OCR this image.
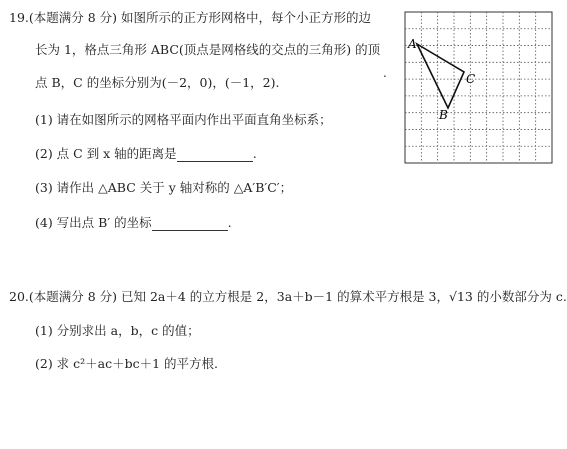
19.(本题满分 8 分) 如图所示的正方形网格中，每个小正方形的边
长为 1，格点三角形 ABC(顶点是网格线的交点的三角形) 的顶
点 B，C 的坐标分别为(－2，0)，(－1，2).
(1) 请在如图所示的网格平面内作出平面直角坐标系；
(2) 点 C 到 x 轴的距离是	.
(3) 请作出 △ABC 关于 y 轴对称的 △A′B′C′；
(4) 写出点 B′ 的坐标	.
.
A
B
C
20.(本题满分 8 分) 已知 2a＋4 的立方根是 2，3a＋b－1 的算术平方根是 3，√13 的小数部分为 c.
(1) 分别求出 a，b，c 的值；
(2) 求 c²＋ac＋bc＋1 的平方根.
